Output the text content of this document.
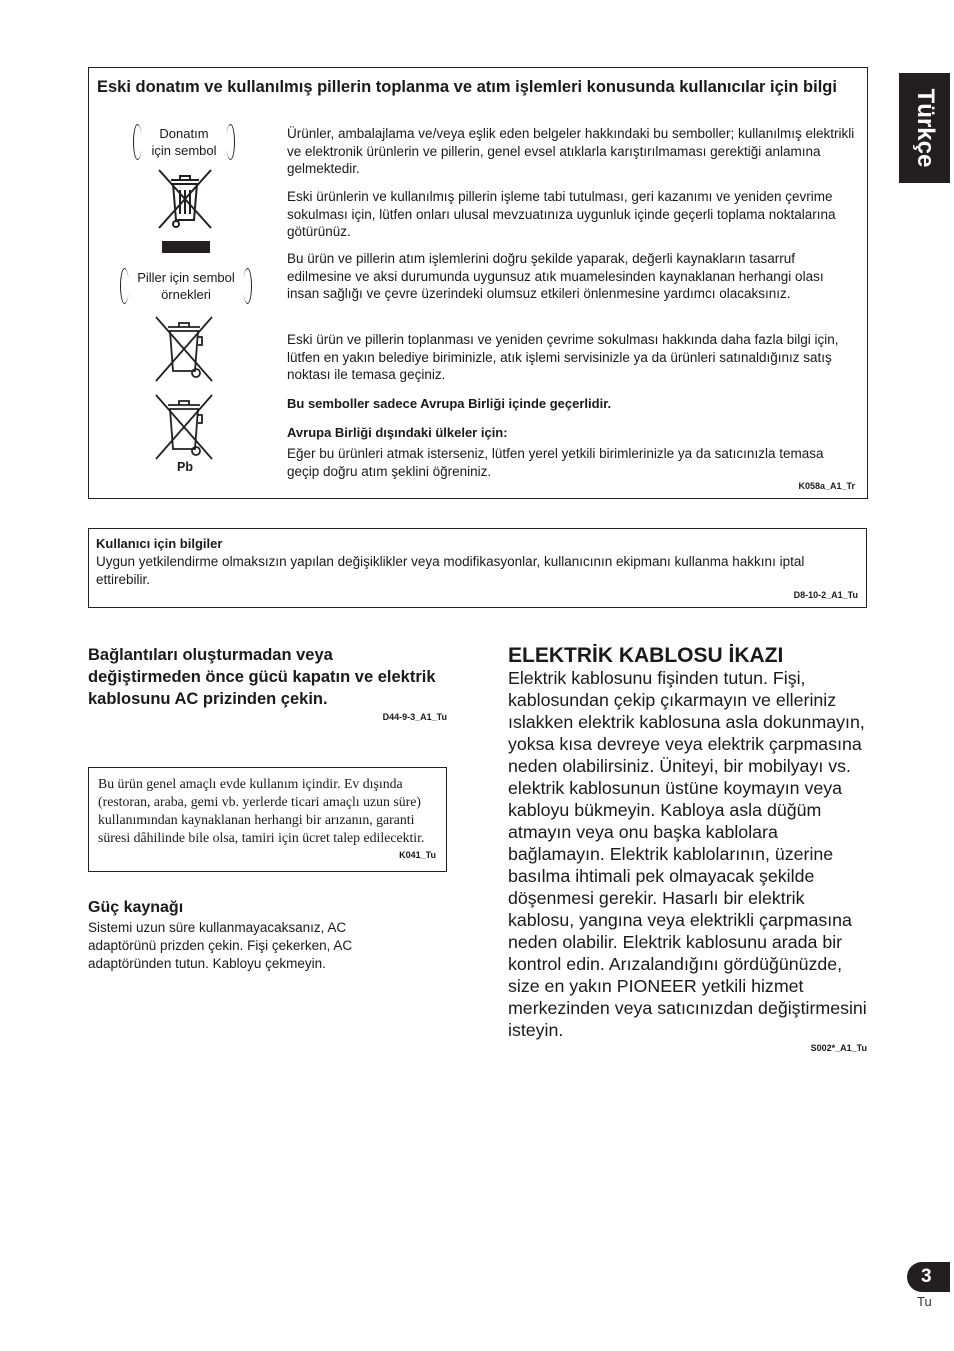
Eski donatım ve kullanılmış pillerin toplanma ve atım işlemleri konusunda kullanıcılar için bilgi
Donatım
için sembol
Piller için sembol
örnekleri
Pb

Ürünler, ambalajlama ve/veya eşlik eden belgeler hakkındaki bu semboller; kullanılmış elektrikli ve elektronik ürünlerin ve pillerin, genel evsel atıklarla karıştırılmaması gerektiği anlamına gelmektedir.

Eski ürünlerin ve kullanılmış pillerin işleme tabi tutulması, geri kazanımı ve yeniden çevrime sokulması için, lütfen onları ulusal mevzuatınıza uygunluk içinde geçerli toplama noktalarına götürünüz.

Bu ürün ve pillerin atım işlemlerini doğru şekilde yaparak, değerli kaynakların tasarruf edilmesine ve aksi durumunda uygunsuz atık muamelesinden kaynaklanan herhangi olası insan sağlığı ve çevre üzerindeki olumsuz etkileri önlenmesine yardımcı olacaksınız.

Eski ürün ve pillerin toplanması ve yeniden çevrime sokulması hakkında daha fazla bilgi için, lütfen en yakın belediye biriminizle, atık işlemi servisinizle ya da ürünleri satınaldığınız satış noktası ile temasa geçiniz.

Bu semboller sadece Avrupa Birliği içinde geçerlidir.

Avrupa Birliği dışındaki ülkeler için:

Eğer bu ürünleri atmak isterseniz, lütfen yerel yetkili birimlerinizle ya da satıcınızla temasa geçip doğru atım şeklini öğreniniz.

K058a_A1_Tr
Kullanıcı için bilgiler
Uygun yetkilendirme olmaksızın yapılan değişiklikler veya modifikasyonlar, kullanıcının ekipmanı kullanma hakkını iptal ettirebilir.
D8-10-2_A1_Tu
Bağlantıları oluşturmadan veya değiştirmeden önce gücü kapatın ve elektrik kablosunu AC prizinden çekin.
D44-9-3_A1_Tu
Bu ürün genel amaçlı evde kullanım içindir. Ev dışında (restoran, araba, gemi vb. yerlerde ticari amaçlı uzun süre) kullanımından kaynaklanan herhangi bir arızanın, garanti süresi dâhilinde bile olsa, tamiri için ücret talep edilecektir.
K041_Tu
Güç kaynağı
Sistemi uzun süre kullanmayacaksanız, AC adaptörünü prizden çekin. Fişi çekerken, AC adaptöründen tutun. Kabloyu çekmeyin.
ELEKTRİK KABLOSU İKAZI
Elektrik kablosunu fişinden tutun. Fişi, kablosundan çekip çıkarmayın ve elleriniz ıslakken elektrik kablosuna asla dokunmayın, yoksa kısa devreye veya elektrik çarpmasına neden olabilirsiniz. Üniteyi, bir mobilyayı vs. elektrik kablosunun üstüne koymayın veya kabloyu bükmeyin. Kabloya asla düğüm atmayın veya onu başka kablolara bağlamayın. Elektrik kablolarının, üzerine basılma ihtimali pek olmayacak şekilde döşenmesi gerekir. Hasarlı bir elektrik kablosu, yangına veya elektrikli çarpmasına neden olabilir. Elektrik kablosunu arada bir kontrol edin. Arızalandığını gördüğünüzde, size en yakın PIONEER yetkili hizmet merkezinden veya satıcınızdan değiştirmesini isteyin.
S002*_A1_Tu
Türkçe
3
Tu
